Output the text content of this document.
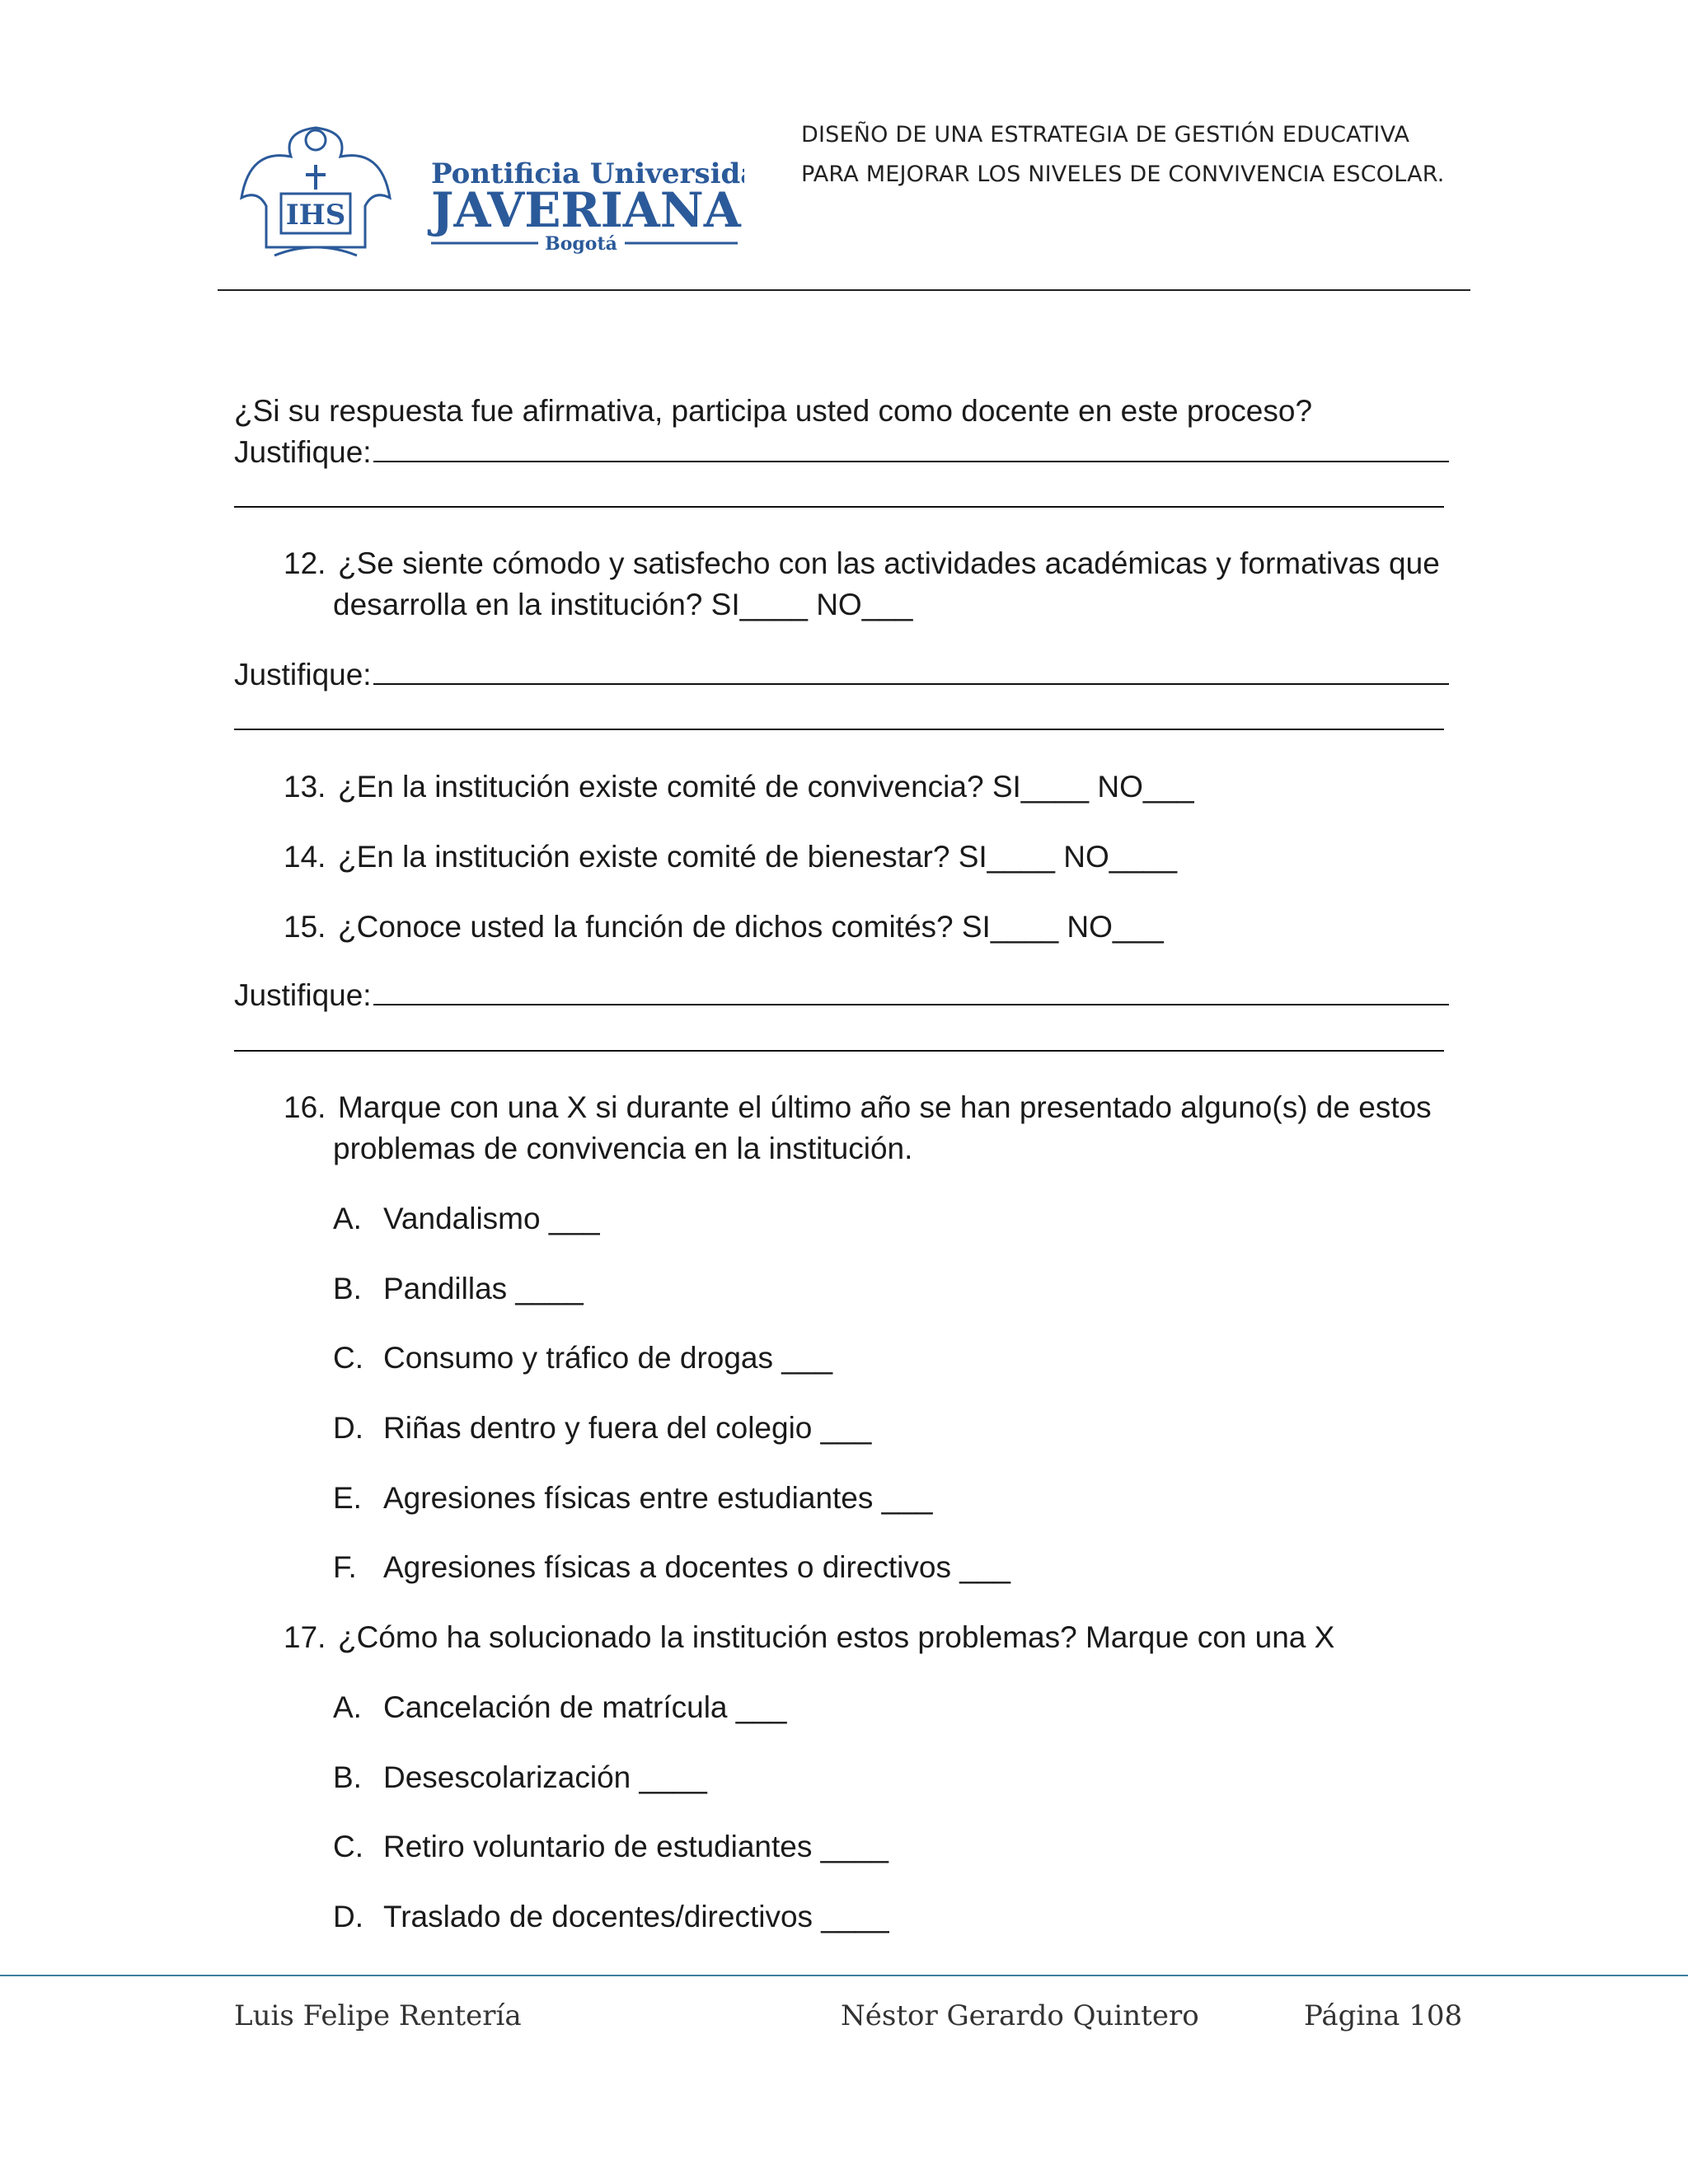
IHS
Pontificia Universidad
JAVERIANA
Bogotá
DISEÑO DE UNA ESTRATEGIA DE GESTIÓN EDUCATIVA
PARA MEJORAR LOS NIVELES DE CONVIVENCIA ESCOLAR.
¿Si su respuesta fue afirmativa, participa usted como docente en este proceso?
Justifique:
12. ¿Se siente cómodo y satisfecho con las actividades académicas y formativas que
desarrolla en la institución? SI____ NO___
Justifique:
13. ¿En la institución existe comité de convivencia? SI____ NO___
14. ¿En la institución existe comité de bienestar? SI____ NO____
15. ¿Conoce usted la función de dichos comités? SI____ NO___
Justifique:
16. Marque con una X si durante el último año se han presentado alguno(s) de estos
problemas de convivencia en la institución.
A. Vandalismo ___
B. Pandillas ____
C. Consumo y tráfico de drogas ___
D. Riñas dentro y fuera del colegio ___
E. Agresiones físicas entre estudiantes ___
F. Agresiones físicas a docentes o directivos ___
17. ¿Cómo ha solucionado la institución estos problemas? Marque con una X
A. Cancelación de matrícula ___
B. Desescolarización ____
C. Retiro voluntario de estudiantes ____
D. Traslado de docentes/directivos ____
Luis Felipe Rentería	Néstor Gerardo Quintero	Página 108
